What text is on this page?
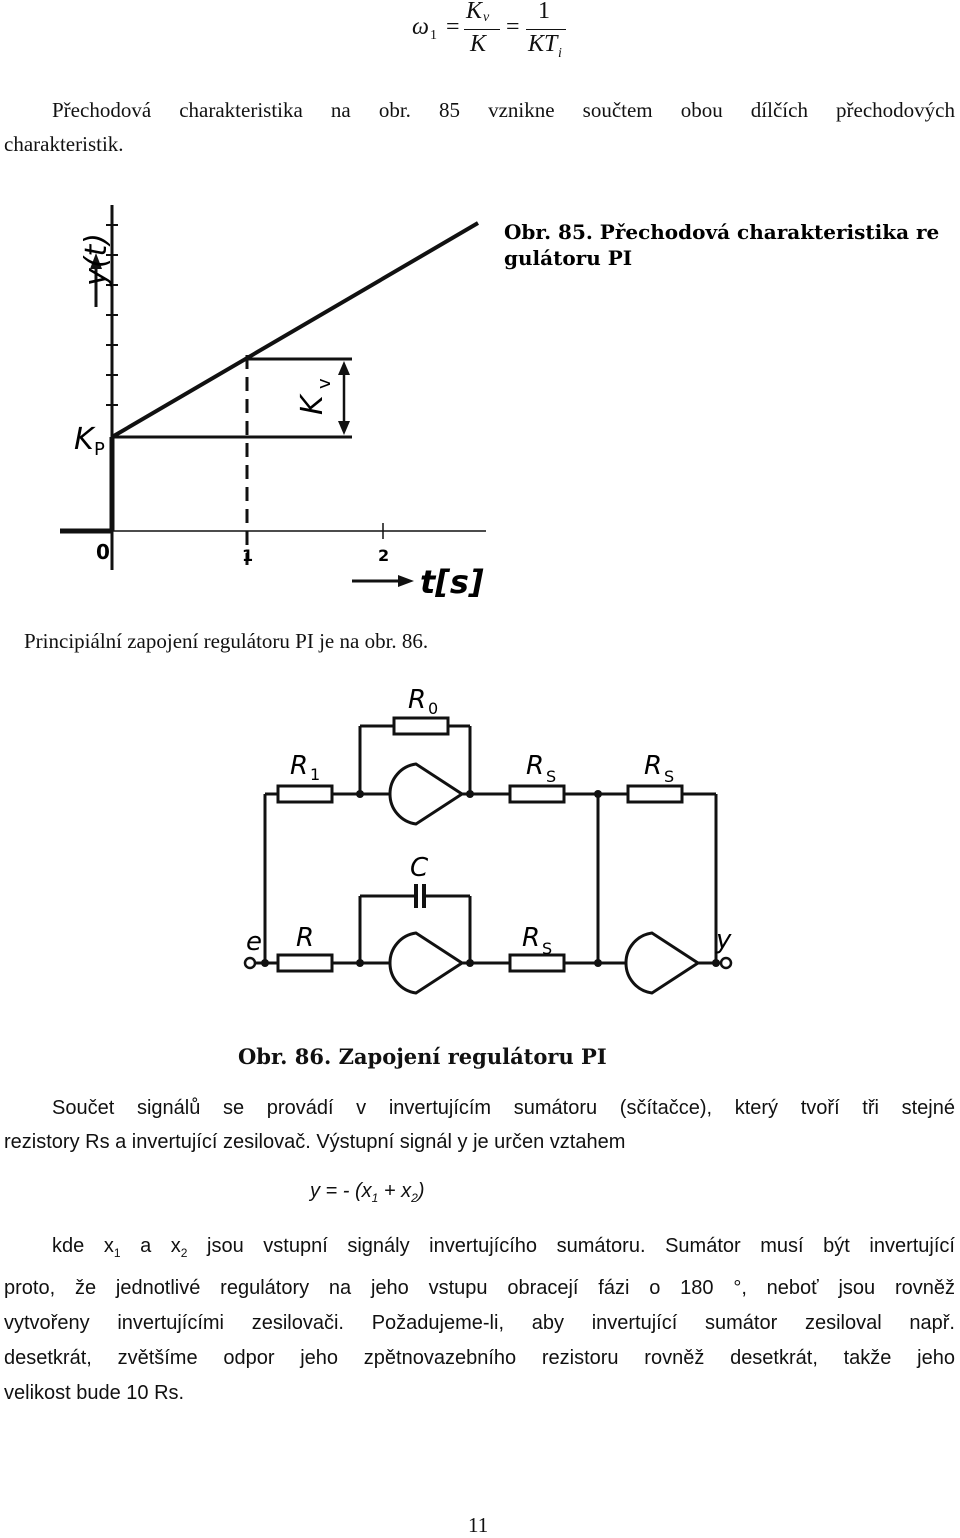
ω 1 =
K v
K
=
1
KT i
Přechodová charakteristika na obr. 85 vznikne součtem obou dílčích přechodových
charakteristik.
y(t)
K P
K
v
0	1	2
t[s]
Obr. 85. Přechodová charakteristika re-
gulátoru PI
Principiální zapojení regulátoru PI je na obr. 86.
R 0
R 1	R S	R S
C
R	R S
e	y
Obr. 86. Zapojení regulátoru PI
Součet signálů se provádí v invertujícím sumátoru (sčítačce), který tvoří tři stejné
rezistory Rs a invertující zesilovač. Výstupní signál y je určen vztahem
y = - $(x_1 + x_2)$
kde $x_1$ a $x_2$ jsou vstupní signály invertujícího sumátoru. Sumátor musí být invertující
proto, že jednotlivé regulátory na jeho vstupu obracejí fázi o 180 °, neboť jsou rovněž
vytvořeny invertujícími zesilovači. Požadujeme-li, aby invertující sumátor zesiloval např.
desetkrát, zvětšíme odpor jeho zpětnovazebního rezistoru rovněž desetkrát, takže jeho
velikost bude 10 Rs.
11
